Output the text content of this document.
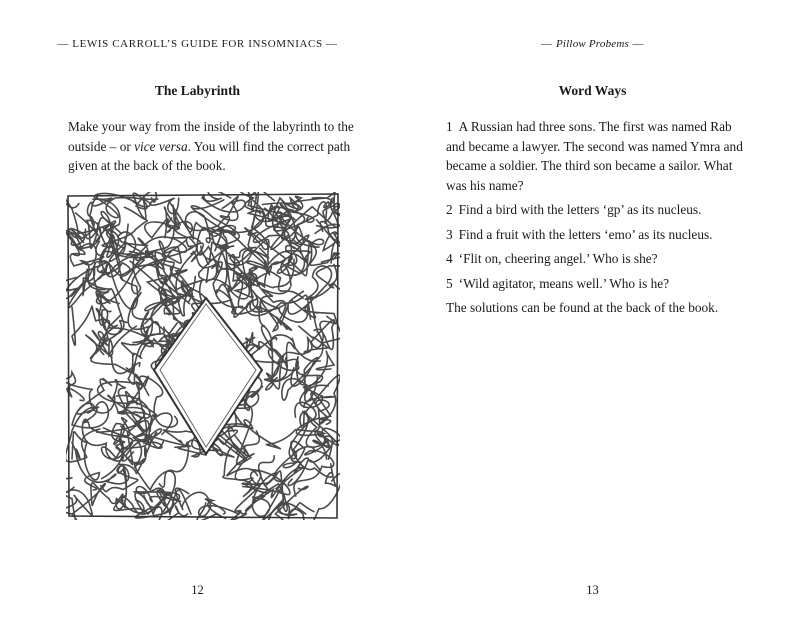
— LEWIS CARROLL’S GUIDE FOR INSOMNIACS —
The Labyrinth

Make your way from the inside of the labyrinth to the outside – or vice versa. You will find the correct path given at the back of the book.

12
— Pillow Probems —
Word Ways
13

1 A Russian had three sons. The first was named Rab and became a lawyer. The second was named Ymra and became a soldier. The third son became a sailor. What was his name?

2 Find a bird with the letters ‘gp’ as its nucleus.

3 Find a fruit with the letters ‘emo’ as its nucleus.

4 ‘Flit on, cheering angel.’ Who is she?

5 ‘Wild agitator, means well.’ Who is he?

The solutions can be found at the back of the book.
